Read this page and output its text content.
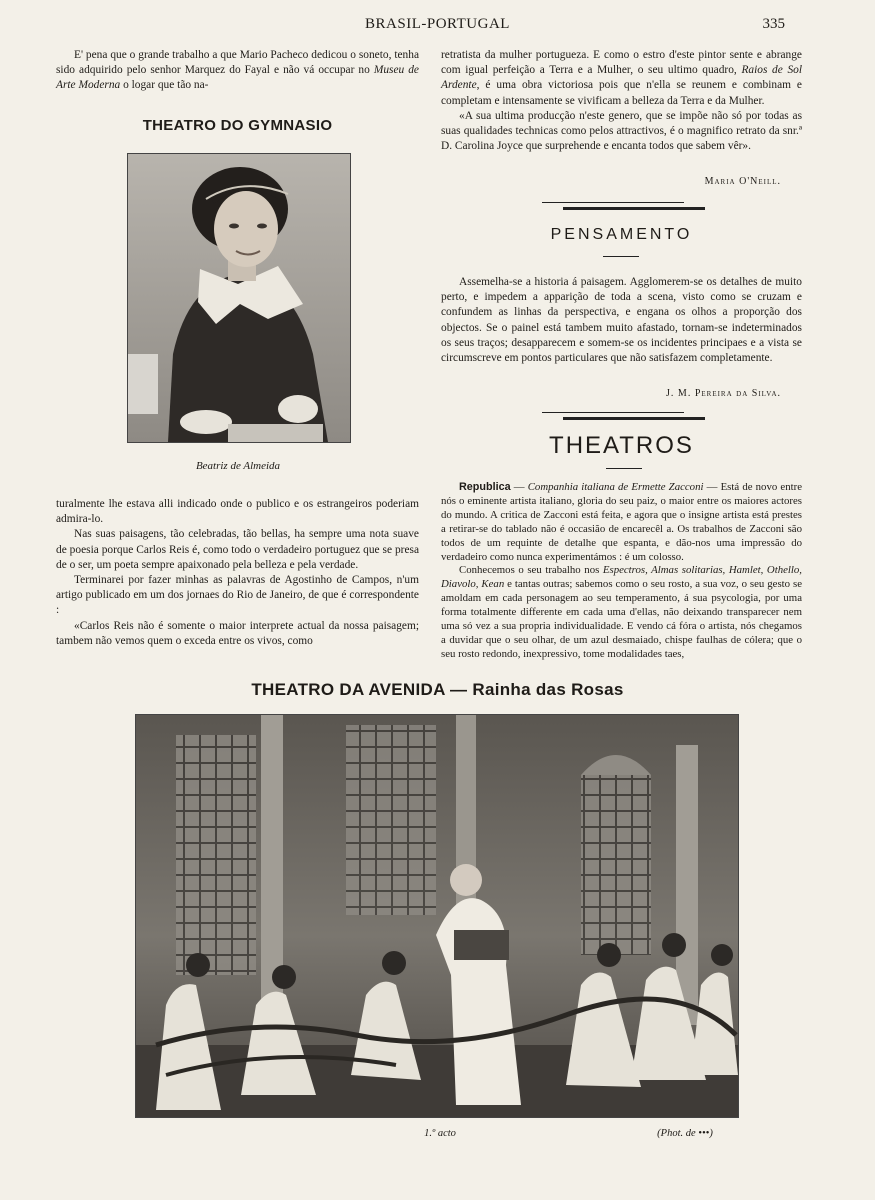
BRASIL-PORTUGAL	335
E' pena que o grande trabalho a que Mario Pacheco dedicou o soneto, tenha sido adquirido pelo senhor Marquez do Fayal e não vá occupar no Museu de Arte Moderna o logar que tão na-
THEATRO DO GYMNASIO
Beatriz de Almeida

turalmente lhe estava alli indicado onde o publico e os estrangeiros poderiam admira-lo.

Nas suas paisagens, tão celebradas, tão bellas, ha sempre uma nota suave de poesia porque Carlos Reis é, como todo o verdadeiro portuguez que se presa de o ser, um poeta sempre apaixonado pela belleza e pela verdade.

Terminarei por fazer minhas as palavras de Agostinho de Campos, n'um artigo publicado em um dos jornaes do Rio de Janeiro, de que é correspondente :

«Carlos Reis não é somente o maior interprete actual da nossa paisagem; tambem não vemos quem o exceda entre os vivos, como

retratista da mulher portugueza. E como o estro d'este pintor sente e abrange com igual perfeição a Terra e a Mulher, o seu ultimo quadro, Raios de Sol Ardente, é uma obra victoriosa pois que n'ella se reunem e combinam e completam e intensamente se vivificam a belleza da Terra e da Mulher.

«A sua ultima producção n'este genero, que se impõe não só por todas as suas qualidades technicas como pelos attractivos, é o magnifico retrato da snr.ª D. Carolina Joyce que surprehende e encanta todos que sabem vêr».

Maria O'Neill.
PENSAMENTO
Assemelha-se a historia á paisagem. Agglomerem-se os detalhes de muito perto, e impedem a apparição de toda a scena, visto como se cruzam e confundem as linhas da perspectiva, e engana os olhos a proporção dos objectos. Se o painel está tambem muito afastado, tornam-se indeterminados os seus traços; desapparecem e somem-se os incidentes principaes e a vista se circumscreve em pontos particulares que não satisfazem completamente.
J. M. Pereira da Silva.
THEATROS

Republica — Companhia italiana de Ermette Zacconi — Está de novo entre nós o eminente artista italiano, gloria do seu paiz, o maior entre os maiores actores do mundo. A critica de Zacconi está feita, e agora que o insigne artista está prestes a retirar-se do tablado não é occasião de encarecêl a. Os trabalhos de Zacconi são todos de um requinte de detalhe que espanta, e dão-nos uma impressão do verdadeiro como nunca experimentámos : é um colosso.

Conhecemos o seu trabalho nos Espectros, Almas solitarias, Hamlet, Othello, Diavolo, Kean e tantas outras; sabemos como o seu rosto, a sua voz, o seu gesto se amoldam em cada personagem ao seu temperamento, á sua psycologia, por uma forma totalmente differente em cada uma d'ellas, não deixando transparecer nem uma só vez a sua propria individualidade. E vendo cá fóra o artista, nós chegamos a duvidar que o seu olhar, de um azul desmaiado, chispe faulhas de cólera; que o seu rosto redondo, inexpressivo, tome modalidades taes,

THEATRO DA AVENIDA — Rainha das Rosas
1.º acto	(Phot. de •••)
